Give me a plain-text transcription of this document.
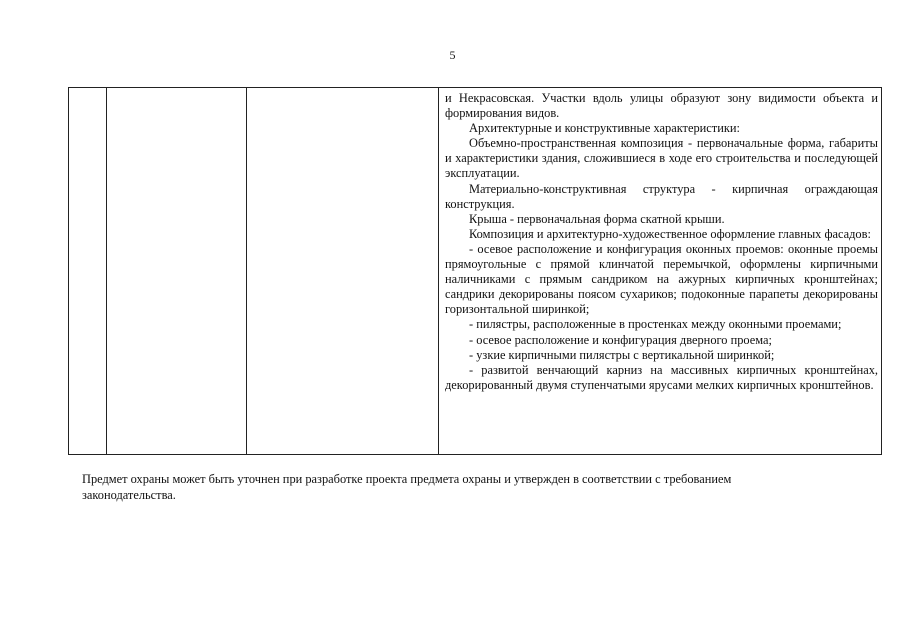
5

и Некрасовская. Участки вдоль улицы образуют зону видимости объекта и формирования видов.

Архитектурные и конструктивные характеристики:

Объемно-пространственная композиция - первоначальные форма, габариты и характеристики здания, сложившиеся в ходе его строительства и последующей эксплуатации.

Материально-конструктивная структура - кирпичная ограждающая конструкция.

Крыша - первоначальная форма скатной крыши.

Композиция и архитектурно-художественное оформление главных фасадов:

- осевое расположение и конфигурация оконных проемов: оконные проемы прямоугольные с прямой клинчатой перемычкой, оформлены кирпичными наличниками с прямым сандриком на ажурных кирпичных кронштейнах; сандрики декорированы поясом сухариков; подоконные парапеты декорированы горизонтальной ширинкой;

- пилястры, расположенные в простенках между оконными проемами;

- осевое расположение и конфигурация дверного проема;

- узкие кирпичными пилястры с вертикальной ширинкой;

- развитой венчающий карниз на массивных кирпичных кронштейнах, декорированный двумя ступенчатыми ярусами мелких кирпичных кронштейнов.

Предмет охраны может быть уточнен при разработке проекта предмета охраны и утвержден в соответствии с требованием законодательства.
